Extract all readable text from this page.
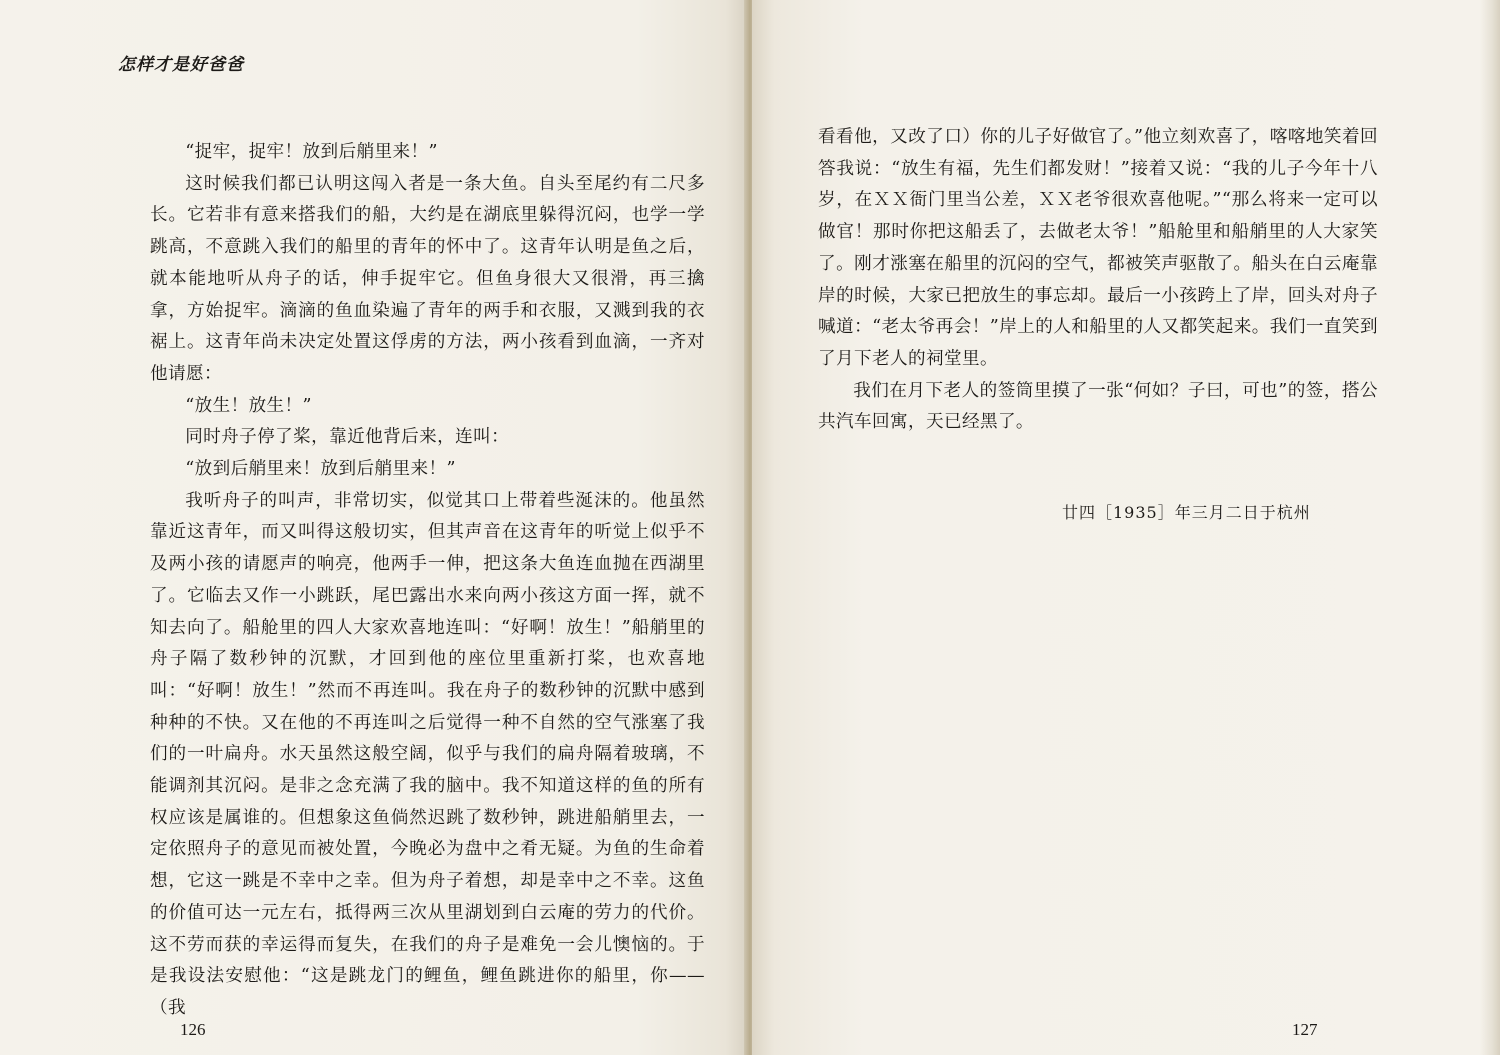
怎样才是好爸爸

“捉牢，捉牢！放到后艄里来！”

这时候我们都已认明这闯入者是一条大鱼。自头至尾约有二尺多长。它若非有意来搭我们的船，大约是在湖底里躲得沉闷，也学一学跳高，不意跳入我们的船里的青年的怀中了。这青年认明是鱼之后，就本能地听从舟子的话，伸手捉牢它。但鱼身很大又很滑，再三擒拿，方始捉牢。滴滴的鱼血染遍了青年的两手和衣服，又溅到我的衣裾上。这青年尚未决定处置这俘虏的方法，两小孩看到血滴，一齐对他请愿：

“放生！放生！”

同时舟子停了桨，靠近他背后来，连叫：

“放到后艄里来！放到后艄里来！”

我听舟子的叫声，非常切实，似觉其口上带着些涎沫的。他虽然靠近这青年，而又叫得这般切实，但其声音在这青年的听觉上似乎不及两小孩的请愿声的响亮，他两手一伸，把这条大鱼连血抛在西湖里了。它临去又作一小跳跃，尾巴露出水来向两小孩这方面一挥，就不知去向了。船舱里的四人大家欢喜地连叫：“好啊！放生！”船艄里的舟子隔了数秒钟的沉默，才回到他的座位里重新打桨，也欢喜地叫：“好啊！放生！”然而不再连叫。我在舟子的数秒钟的沉默中感到种种的不快。又在他的不再连叫之后觉得一种不自然的空气涨塞了我们的一叶扁舟。水天虽然这般空阔，似乎与我们的扁舟隔着玻璃，不能调剂其沉闷。是非之念充满了我的脑中。我不知道这样的鱼的所有权应该是属谁的。但想象这鱼倘然迟跳了数秒钟，跳进船艄里去，一定依照舟子的意见而被处置，今晚必为盘中之肴无疑。为鱼的生命着想，它这一跳是不幸中之幸。但为舟子着想，却是幸中之不幸。这鱼的价值可达一元左右，抵得两三次从里湖划到白云庵的劳力的代价。这不劳而获的幸运得而复失，在我们的舟子是难免一会儿懊恼的。于是我设法安慰他：“这是跳龙门的鲤鱼，鲤鱼跳进你的船里，你——（我

126

看看他，又改了口）你的儿子好做官了。”他立刻欢喜了，喀喀地笑着回答我说：“放生有福，先生们都发财！”接着又说：“我的儿子今年十八岁，在ＸＸ衙门里当公差，ＸＸ老爷很欢喜他呢。”“那么将来一定可以做官！那时你把这船丢了，去做老太爷！”船舱里和船艄里的人大家笑了。刚才涨塞在船里的沉闷的空气，都被笑声驱散了。船头在白云庵靠岸的时候，大家已把放生的事忘却。最后一小孩跨上了岸，回头对舟子喊道：“老太爷再会！”岸上的人和船里的人又都笑起来。我们一直笑到了月下老人的祠堂里。

我们在月下老人的签筒里摸了一张“何如？子曰，可也”的签，搭公共汽车回寓，天已经黑了。

廿四［1935］年三月二日于杭州
127
